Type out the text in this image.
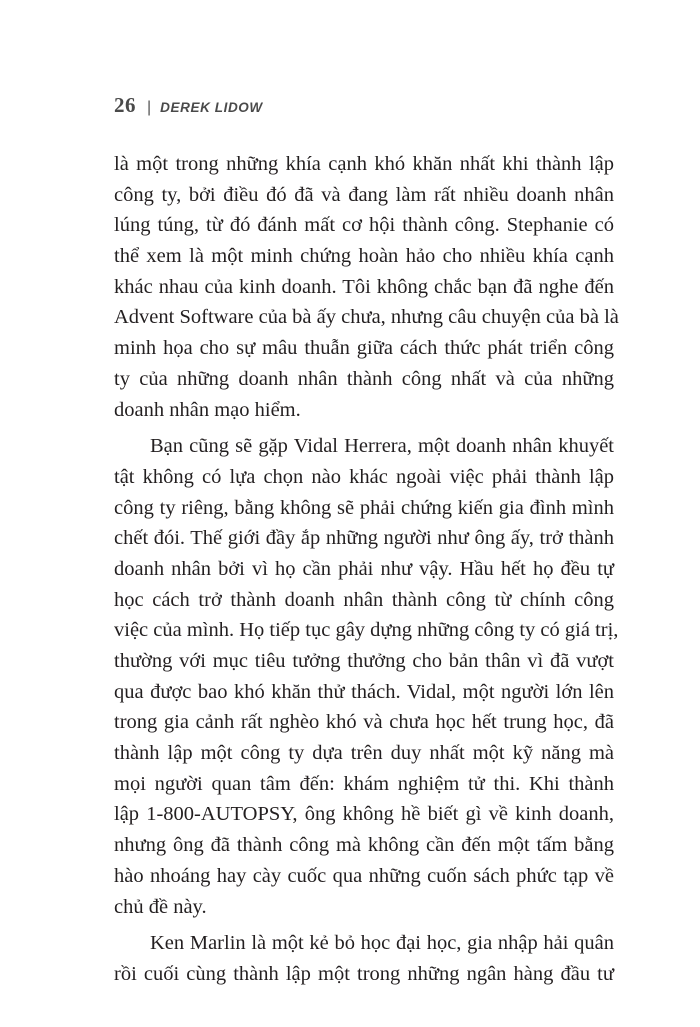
26 | DEREK LIDOW
là một trong những khía cạnh khó khăn nhất khi thành lập
công ty, bởi điều đó đã và đang làm rất nhiều doanh nhân
lúng túng, từ đó đánh mất cơ hội thành công. Stephanie có
thể xem là một minh chứng hoàn hảo cho nhiều khía cạnh
khác nhau của kinh doanh. Tôi không chắc bạn đã nghe đến
Advent Software của bà ấy chưa, nhưng câu chuyện của bà là
minh họa cho sự mâu thuẫn giữa cách thức phát triển công
ty của những doanh nhân thành công nhất và của những
doanh nhân mạo hiểm.
Bạn cũng sẽ gặp Vidal Herrera, một doanh nhân khuyết
tật không có lựa chọn nào khác ngoài việc phải thành lập
công ty riêng, bằng không sẽ phải chứng kiến gia đình mình
chết đói. Thế giới đầy ắp những người như ông ấy, trở thành
doanh nhân bởi vì họ cần phải như vậy. Hầu hết họ đều tự
học cách trở thành doanh nhân thành công từ chính công
việc của mình. Họ tiếp tục gây dựng những công ty có giá trị,
thường với mục tiêu tưởng thưởng cho bản thân vì đã vượt
qua được bao khó khăn thử thách. Vidal, một người lớn lên
trong gia cảnh rất nghèo khó và chưa học hết trung học, đã
thành lập một công ty dựa trên duy nhất một kỹ năng mà
mọi người quan tâm đến: khám nghiệm tử thi. Khi thành
lập 1-800-AUTOPSY, ông không hề biết gì về kinh doanh,
nhưng ông đã thành công mà không cần đến một tấm bằng
hào nhoáng hay cày cuốc qua những cuốn sách phức tạp về
chủ đề này.
Ken Marlin là một kẻ bỏ học đại học, gia nhập hải quân
rồi cuối cùng thành lập một trong những ngân hàng đầu tư
